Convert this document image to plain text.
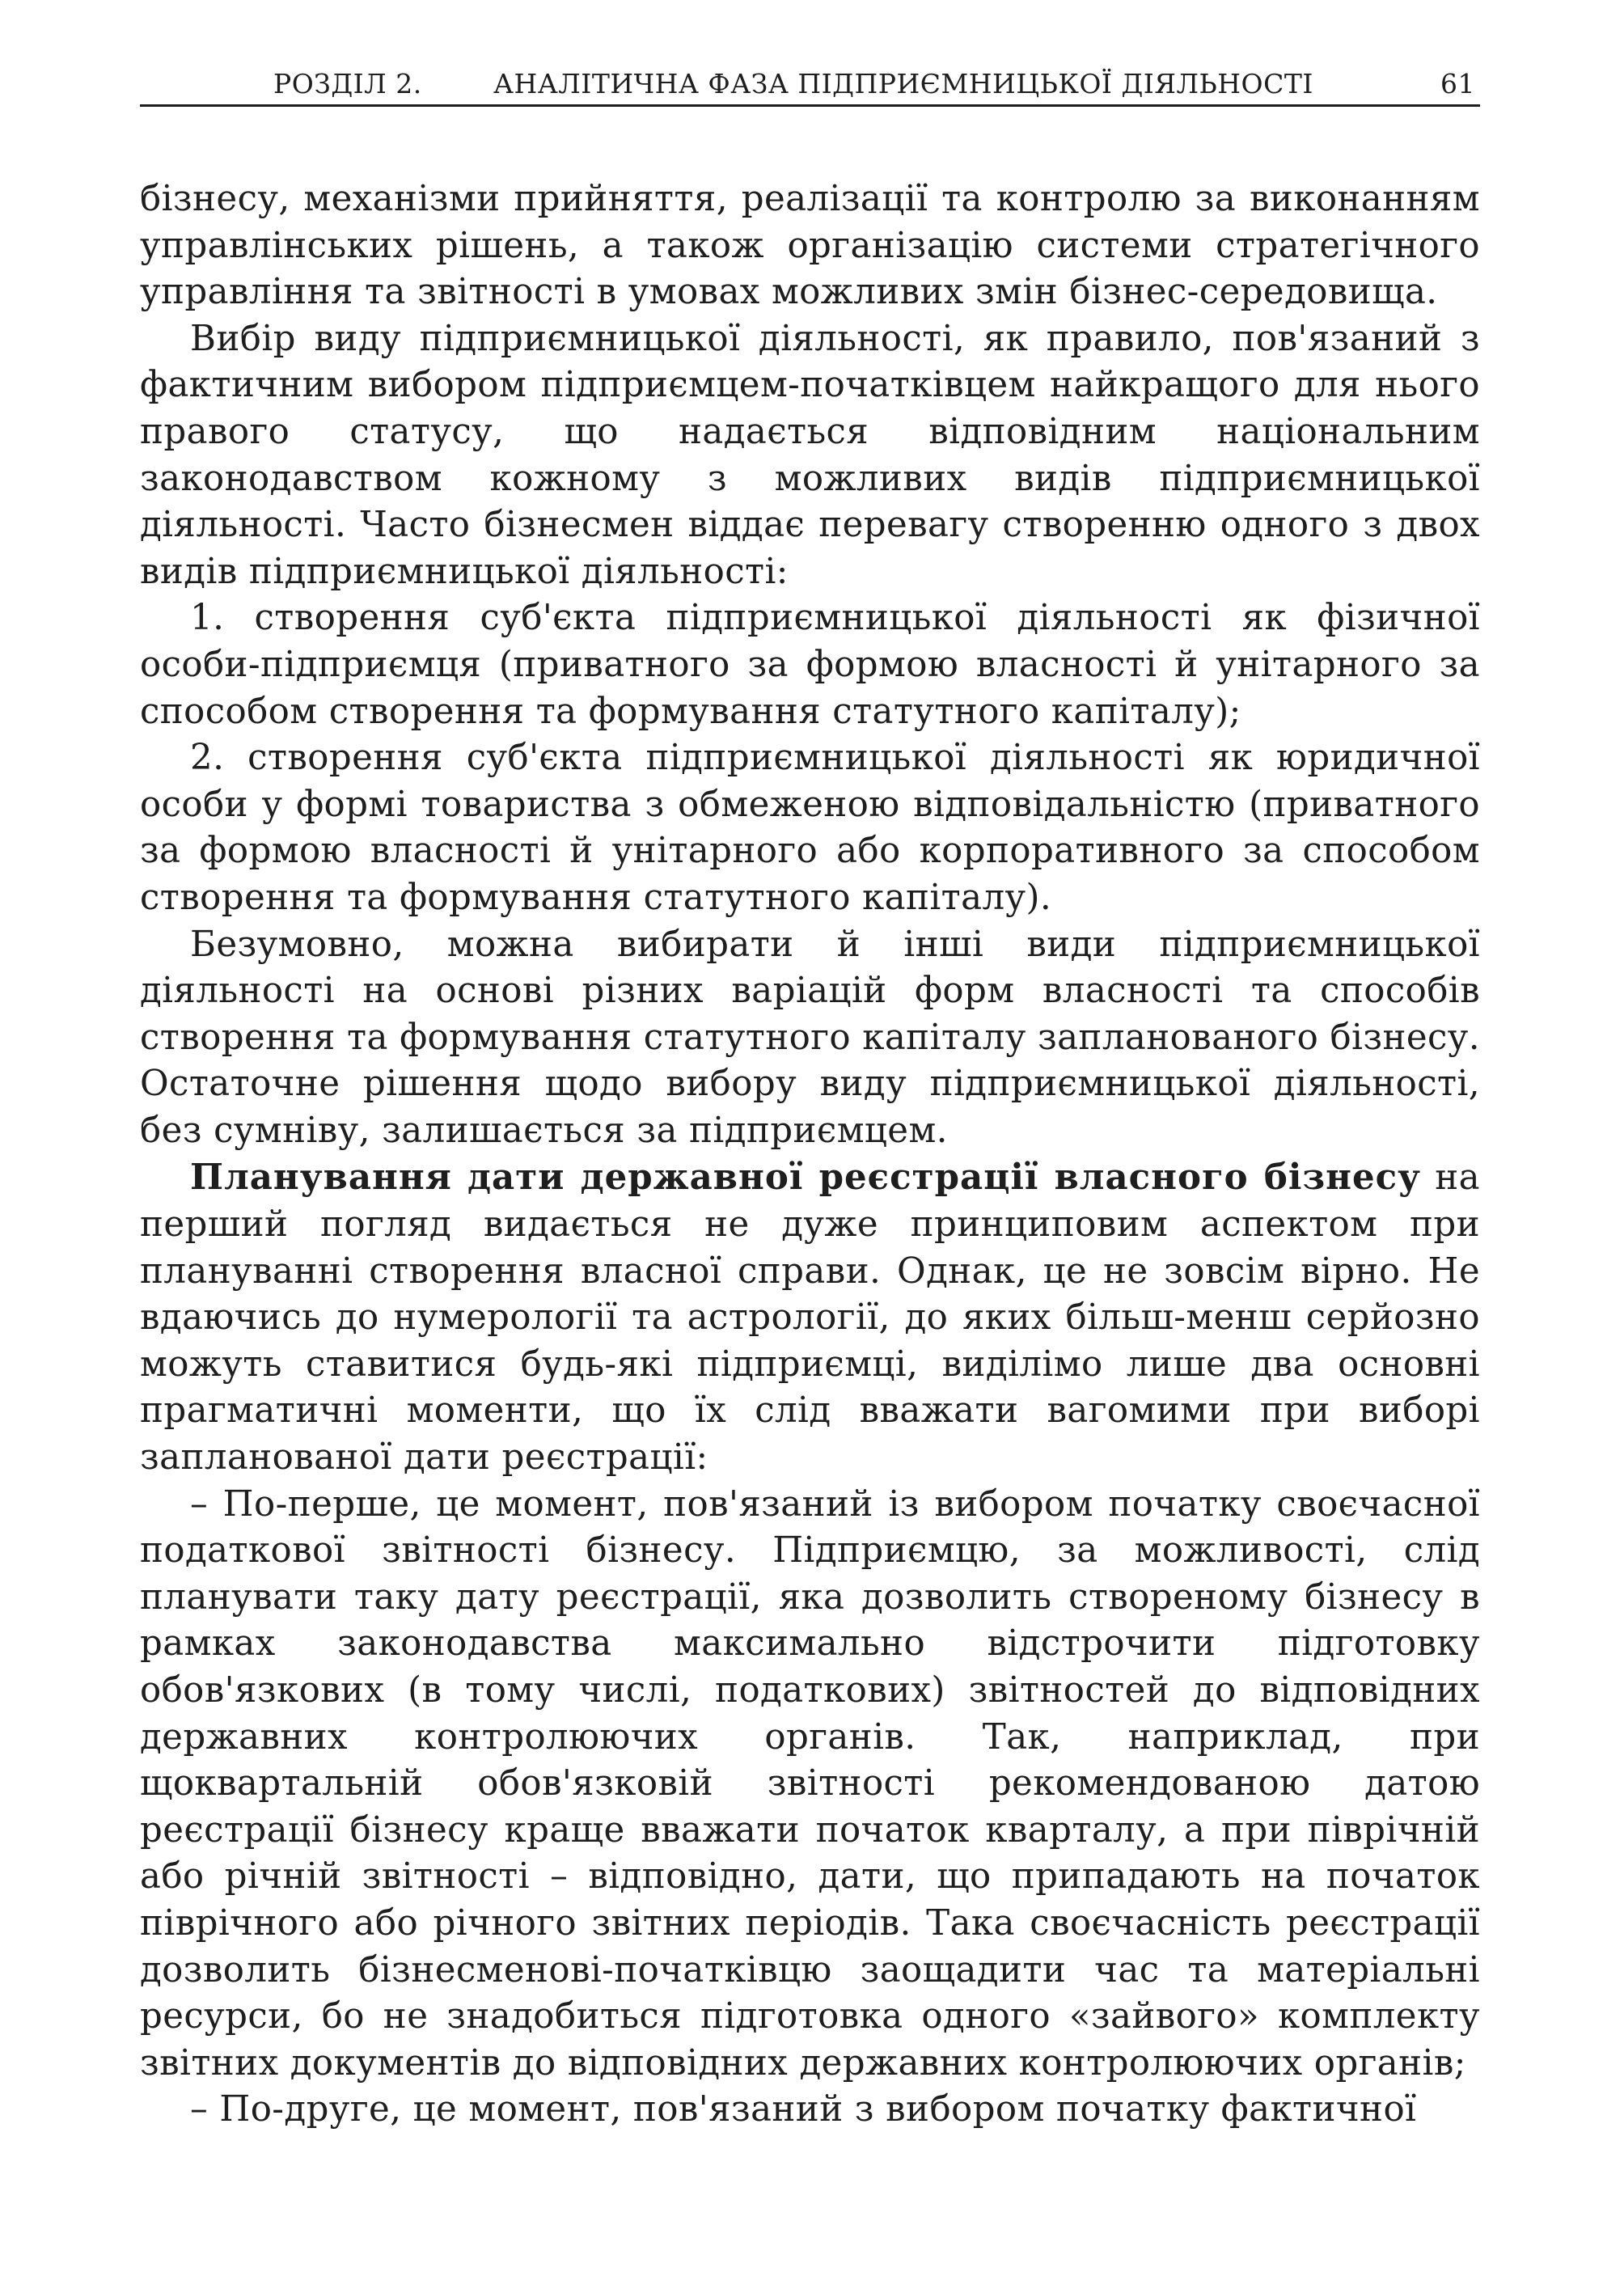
РОЗДІЛ 2.	АНАЛІТИЧНА ФАЗА ПІДПРИЄМНИЦЬКОЇ ДІЯЛЬНОСТІ	61

бізнесу, механізми прийняття, реалізації та контролю за виконанням управлінських рішень, а також організацію системи стратегічного управління та звітності в умовах можливих змін бізнес-середовища.

Вибір виду підприємницької діяльності, як правило, пов'язаний з фактичним вибором підприємцем-початківцем найкращого для нього правого статусу, що надається відповідним національним законодавством кожному з можливих видів підприємницької діяльності. Часто бізнесмен віддає перевагу створенню одного з двох видів підприємницької діяльності:

1. створення суб'єкта підприємницької діяльності як фізичної особи-підприємця (приватного за формою власності й унітарного за способом створення та формування статутного капіталу);

2. створення суб'єкта підприємницької діяльності як юридичної особи у формі товариства з обмеженою відповідальністю (приватного за формою власності й унітарного або корпоративного за способом створення та формування статутного капіталу).

Безумовно, можна вибирати й інші види підприємницької діяльності на основі різних варіацій форм власності та способів створення та формування статутного капіталу запланованого бізнесу. Остаточне рішення щодо вибору виду підприємницької діяльності, без сумніву, залишається за підприємцем.

Планування дати державної реєстрації власного бізнесу на перший погляд видається не дуже принциповим аспектом при плануванні створення власної справи. Однак, це не зовсім вірно. Не вдаючись до нумерології та астрології, до яких більш-менш серйозно можуть ставитися будь-які підприємці, виділімо лише два основні прагматичні моменти, що їх слід вважати вагомими при виборі запланованої дати реєстрації:

– По-перше, це момент, пов'язаний із вибором початку своєчасної податкової звітності бізнесу. Підприємцю, за можливості, слід планувати таку дату реєстрації, яка дозволить створеному бізнесу в рамках законодавства максимально відстрочити підготовку обов'язкових (в тому числі, податкових) звітностей до відповідних державних контролюючих органів. Так, наприклад, при щоквартальній обов'язковій звітності рекомендованою датою реєстрації бізнесу краще вважати початок кварталу, а при піврічній або річній звітності – відповідно, дати, що припадають на початок піврічного або річного звітних періодів. Така своєчасність реєстрації дозволить бізнесменові-початківцю заощадити час та матеріальні ресурси, бо не знадобиться підготовка одного «зайвого» комплекту звітних документів до відповідних державних контролюючих органів;

– По-друге, це момент, пов'язаний з вибором початку фактичної
